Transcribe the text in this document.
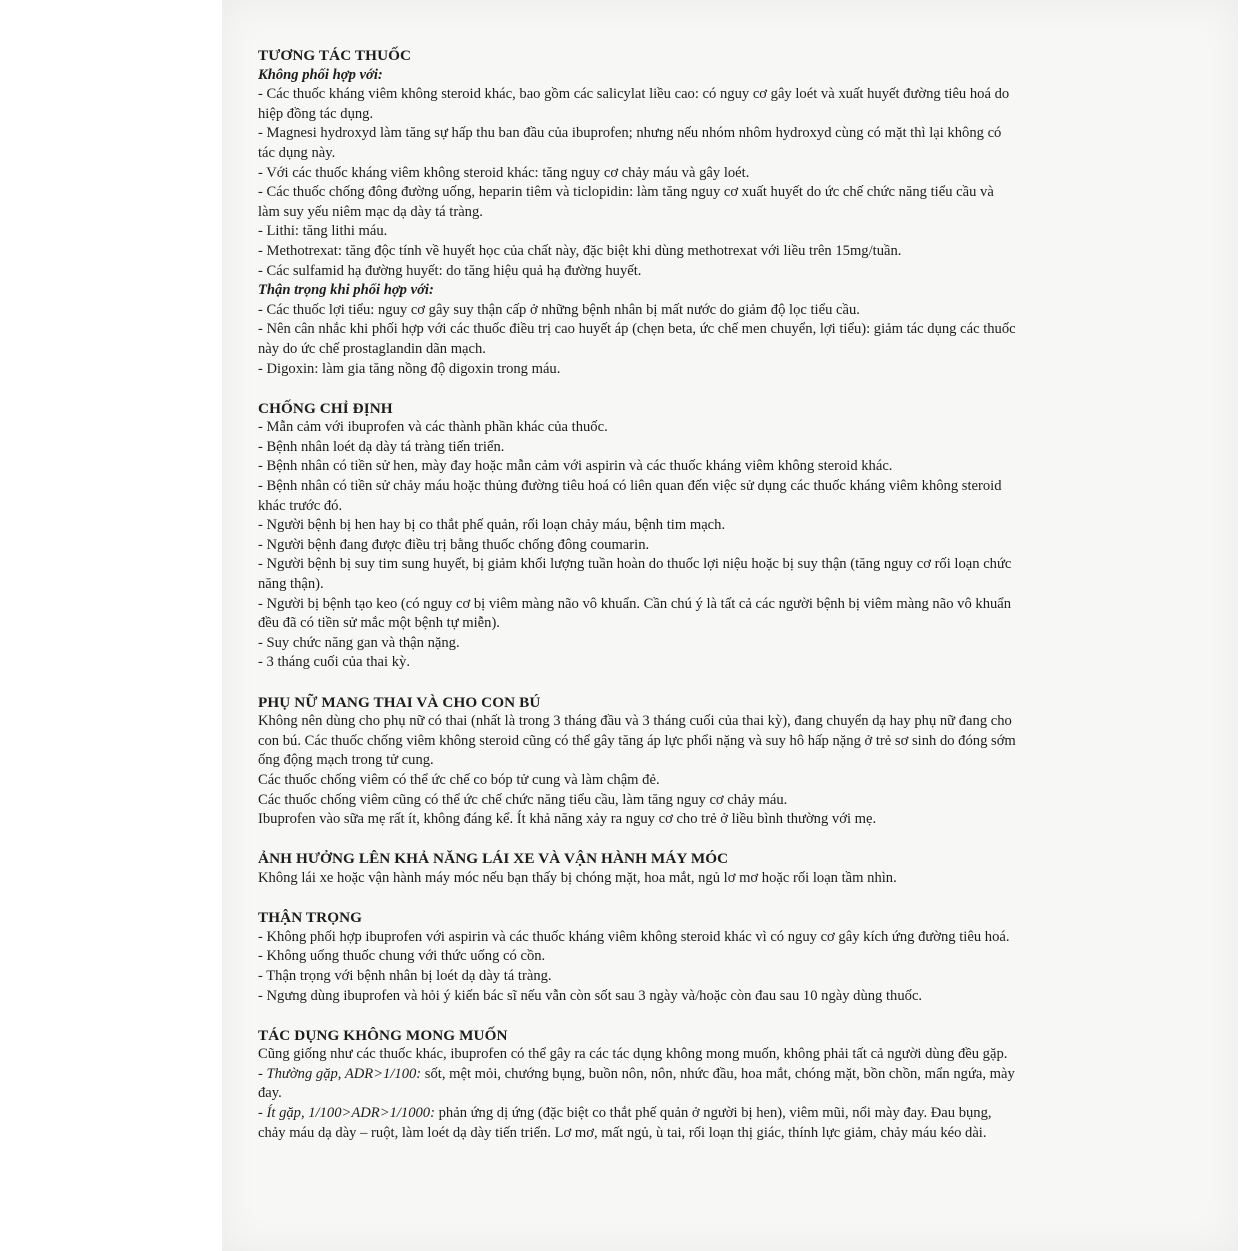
TƯƠNG TÁC THUỐC

Không phối hợp với:

- Các thuốc kháng viêm không steroid khác, bao gồm các salicylat liều cao: có nguy cơ gây loét và xuất huyết đường tiêu hoá do hiệp đồng tác dụng.

- Magnesi hydroxyd làm tăng sự hấp thu ban đầu của ibuprofen; nhưng nếu nhóm nhôm hydroxyd cùng có mặt thì lại không có tác dụng này.

- Với các thuốc kháng viêm không steroid khác: tăng nguy cơ chảy máu và gây loét.

- Các thuốc chống đông đường uống, heparin tiêm và ticlopidin: làm tăng nguy cơ xuất huyết do ức chế chức năng tiểu cầu và làm suy yếu niêm mạc dạ dày tá tràng.

- Lithi: tăng lithi máu.

- Methotrexat: tăng độc tính về huyết học của chất này, đặc biệt khi dùng methotrexat với liều trên 15mg/tuần.

- Các sulfamid hạ đường huyết: do tăng hiệu quả hạ đường huyết.

Thận trọng khi phối hợp với:

- Các thuốc lợi tiểu: nguy cơ gây suy thận cấp ở những bệnh nhân bị mất nước do giảm độ lọc tiểu cầu.

- Nên cân nhắc khi phối hợp với các thuốc điều trị cao huyết áp (chẹn beta, ức chế men chuyển, lợi tiểu): giảm tác dụng các thuốc này do ức chế prostaglandin dãn mạch.

- Digoxin: làm gia tăng nồng độ digoxin trong máu.

CHỐNG CHỈ ĐỊNH

- Mẫn cảm với ibuprofen và các thành phần khác của thuốc.

- Bệnh nhân loét dạ dày tá tràng tiến triển.

- Bệnh nhân có tiền sử hen, mày đay hoặc mẫn cảm với aspirin và các thuốc kháng viêm không steroid khác.

- Bệnh nhân có tiền sử chảy máu hoặc thủng đường tiêu hoá có liên quan đến việc sử dụng các thuốc kháng viêm không steroid khác trước đó.

- Người bệnh bị hen hay bị co thắt phế quản, rối loạn chảy máu, bệnh tim mạch.

- Người bệnh đang được điều trị bằng thuốc chống đông coumarin.

- Người bệnh bị suy tim sung huyết, bị giảm khối lượng tuần hoàn do thuốc lợi niệu hoặc bị suy thận (tăng nguy cơ rối loạn chức năng thận).

- Người bị bệnh tạo keo (có nguy cơ bị viêm màng não vô khuẩn. Cần chú ý là tất cả các người bệnh bị viêm màng não vô khuẩn đều đã có tiền sử mắc một bệnh tự miễn).

- Suy chức năng gan và thận nặng.

- 3 tháng cuối của thai kỳ.

PHỤ NỮ MANG THAI VÀ CHO CON BÚ

Không nên dùng cho phụ nữ có thai (nhất là trong 3 tháng đầu và 3 tháng cuối của thai kỳ), đang chuyển dạ hay phụ nữ đang cho con bú. Các thuốc chống viêm không steroid cũng có thể gây tăng áp lực phổi nặng và suy hô hấp nặng ở trẻ sơ sinh do đóng sớm ống động mạch trong tử cung.

Các thuốc chống viêm có thể ức chế co bóp tử cung và làm chậm đẻ.

Các thuốc chống viêm cũng có thể ức chế chức năng tiểu cầu, làm tăng nguy cơ chảy máu.

Ibuprofen vào sữa mẹ rất ít, không đáng kể. Ít khả năng xảy ra nguy cơ cho trẻ ở liều bình thường với mẹ.

ẢNH HƯỞNG LÊN KHẢ NĂNG LÁI XE VÀ VẬN HÀNH MÁY MÓC

Không lái xe hoặc vận hành máy móc nếu bạn thấy bị chóng mặt, hoa mắt, ngủ lơ mơ hoặc rối loạn tầm nhìn.

THẬN TRỌNG

- Không phối hợp ibuprofen với aspirin và các thuốc kháng viêm không steroid khác vì có nguy cơ gây kích ứng đường tiêu hoá.

- Không uống thuốc chung với thức uống có cồn.

- Thận trọng với bệnh nhân bị loét dạ dày tá tràng.

- Ngưng dùng ibuprofen và hỏi ý kiến bác sĩ nếu vẫn còn sốt sau 3 ngày và/hoặc còn đau sau 10 ngày dùng thuốc.

TÁC DỤNG KHÔNG MONG MUỐN

Cũng giống như các thuốc khác, ibuprofen có thể gây ra các tác dụng không mong muốn, không phải tất cả người dùng đều gặp.

- Thường gặp, ADR>1/100: sốt, mệt mỏi, chướng bụng, buồn nôn, nôn, nhức đầu, hoa mắt, chóng mặt, bồn chồn, mẩn ngứa, mày đay.

- Ít gặp, 1/100>ADR>1/1000: phản ứng dị ứng (đặc biệt co thắt phế quản ở người bị hen), viêm mũi, nổi mày đay. Đau bụng, chảy máu dạ dày – ruột, làm loét dạ dày tiến triển. Lơ mơ, mất ngủ, ù tai, rối loạn thị giác, thính lực giảm, chảy máu kéo dài.
